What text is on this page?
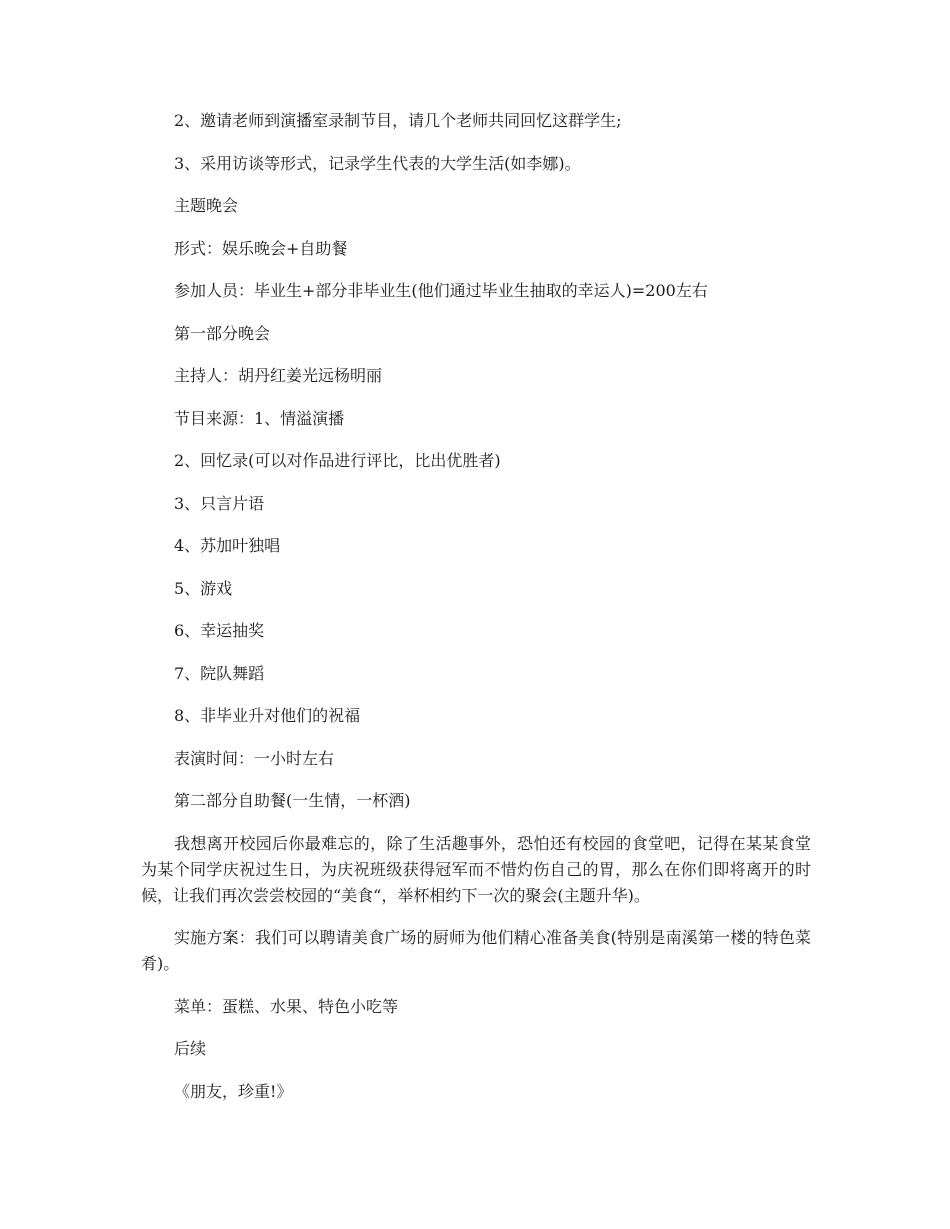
2、邀请老师到演播室录制节目，请几个老师共同回忆这群学生;
3、采用访谈等形式，记录学生代表的大学生活(如李娜)。
主题晚会
形式：娱乐晚会+自助餐
参加人员：毕业生+部分非毕业生(他们通过毕业生抽取的幸运人)=200左右
第一部分晚会
主持人：胡丹红姜光远杨明丽
节目来源：1、情溢演播
2、回忆录(可以对作品进行评比，比出优胜者)
3、只言片语
4、苏加叶独唱
5、游戏
6、幸运抽奖
7、院队舞蹈
8、非毕业升对他们的祝福
表演时间：一小时左右
第二部分自助餐(一生情，一杯酒)

我想离开校园后你最难忘的，除了生活趣事外，恐怕还有校园的食堂吧，记得在某某食堂为某个同学庆祝过生日，为庆祝班级获得冠军而不惜灼伤自己的胃，那么在你们即将离开的时候，让我们再次尝尝校园的“美食“，举杯相约下一次的聚会(主题升华)。

实施方案：我们可以聘请美食广场的厨师为他们精心准备美食(特别是南溪第一楼的特色菜肴)。

菜单：蛋糕、水果、特色小吃等
后续
《朋友，珍重!》
